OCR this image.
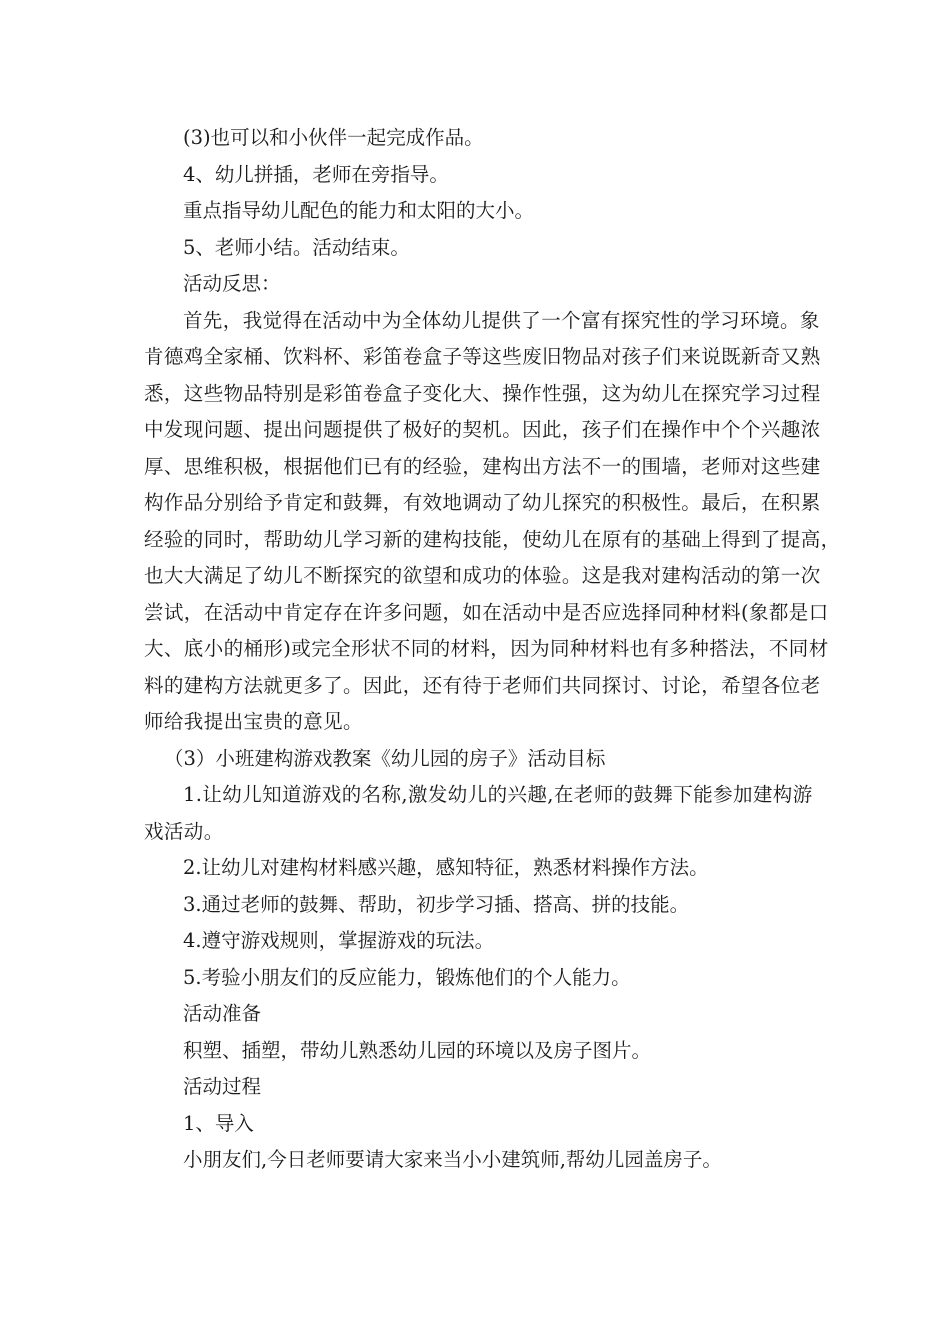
(3)也可以和小伙伴一起完成作品。

4、幼儿拼插，老师在旁指导。

重点指导幼儿配色的能力和太阳的大小。

5、老师小结。活动结束。

活动反思：

首先，我觉得在活动中为全体幼儿提供了一个富有探究性的学习环境。象
肯德鸡全家桶、饮料杯、彩笛卷盒子等这些废旧物品对孩子们来说既新奇又熟
悉，这些物品特别是彩笛卷盒子变化大、操作性强，这为幼儿在探究学习过程
中发现问题、提出问题提供了极好的契机。因此，孩子们在操作中个个兴趣浓
厚、思维积极，根据他们已有的经验，建构出方法不一的围墙，老师对这些建
构作品分别给予肯定和鼓舞，有效地调动了幼儿探究的积极性。最后，在积累
经验的同时，帮助幼儿学习新的建构技能，使幼儿在原有的基础上得到了提高，
也大大满足了幼儿不断探究的欲望和成功的体验。这是我对建构活动的第一次
尝试，在活动中肯定存在许多问题，如在活动中是否应选择同种材料(象都是口
大、底小的桶形)或完全形状不同的材料，因为同种材料也有多种搭法，不同材
料的建构方法就更多了。因此，还有待于老师们共同探讨、讨论，希望各位老
师给我提出宝贵的意见。

（3）小班建构游戏教案《幼儿园的房子》活动目标

1.让幼儿知道游戏的名称,激发幼儿的兴趣,在老师的鼓舞下能参加建构游
戏活动。

2.让幼儿对建构材料感兴趣，感知特征，熟悉材料操作方法。

3.通过老师的鼓舞、帮助，初步学习插、搭高、拼的技能。

4.遵守游戏规则，掌握游戏的玩法。

5.考验小朋友们的反应能力，锻炼他们的个人能力。

活动准备

积塑、插塑，带幼儿熟悉幼儿园的环境以及房子图片。

活动过程

1、导入

小朋友们,今日老师要请大家来当小小建筑师,帮幼儿园盖房子。
